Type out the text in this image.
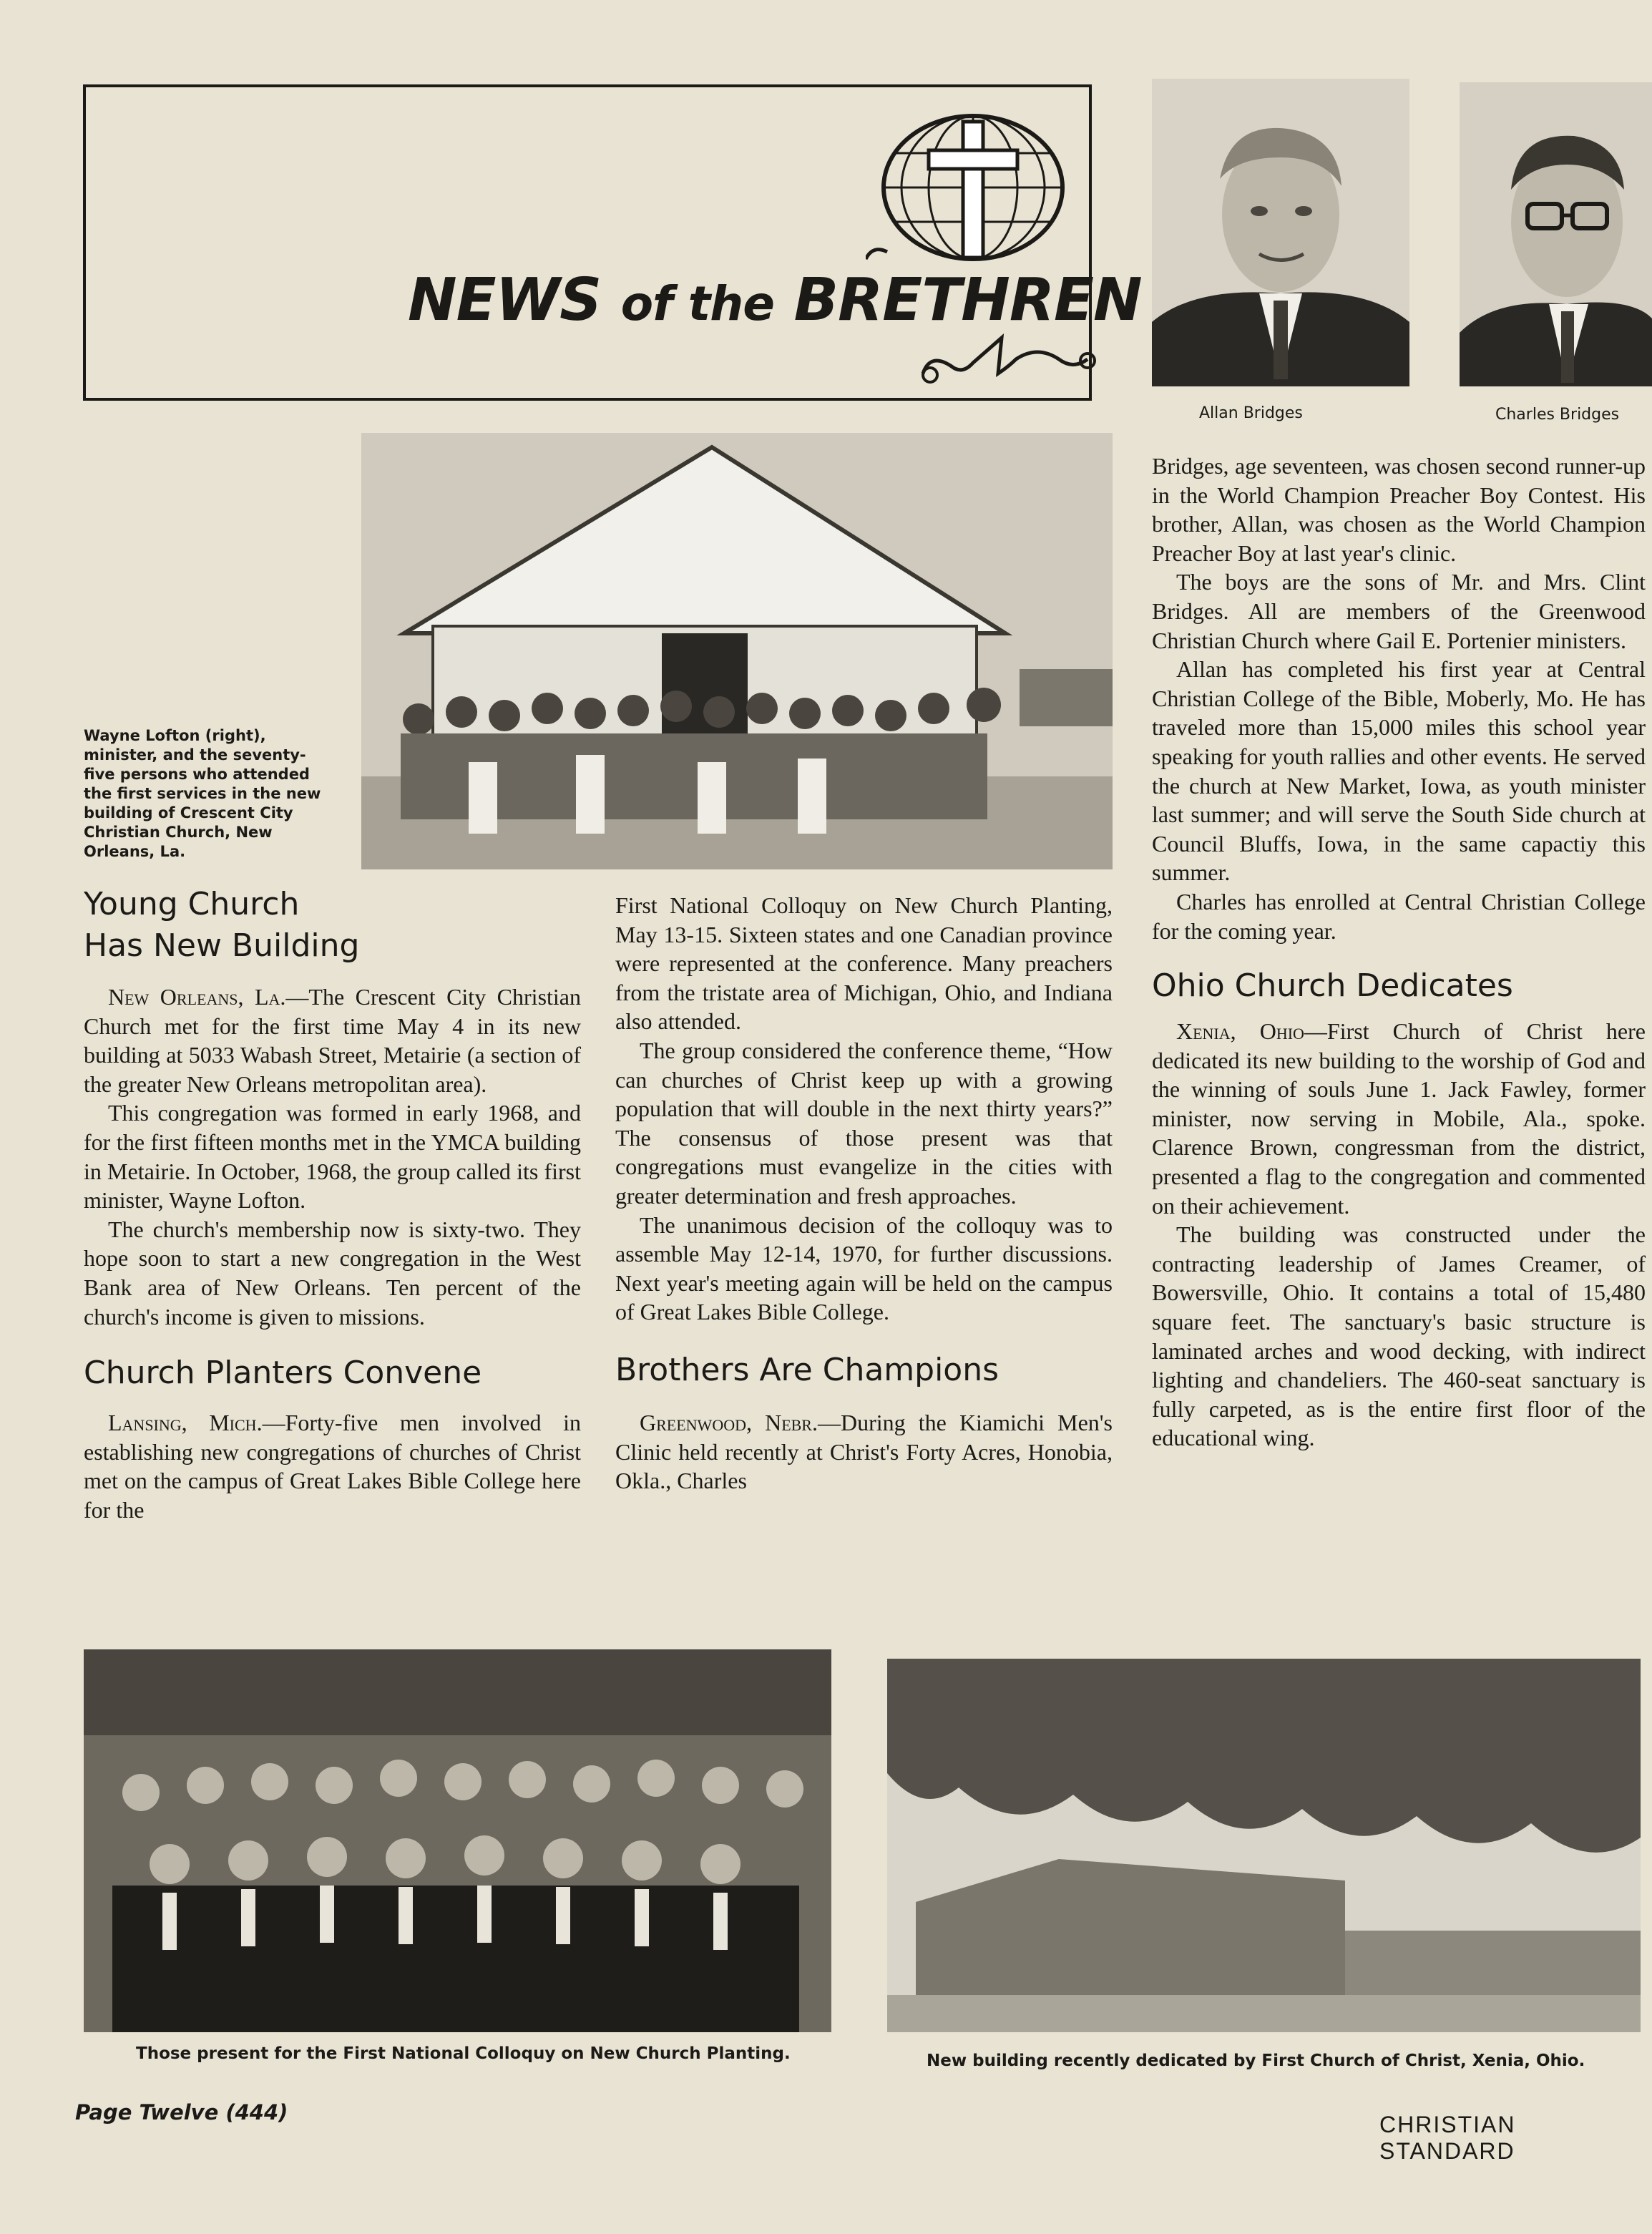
NEWS of the BRETHREN
Allan Bridges	Charles Bridges
Wayne Lofton (right), minister, and the seventy-five persons who attended the first services in the new building of Crescent City Christian Church, New Orleans, La.
Young Church
Has New Building

New Orleans, La.—The Crescent City Christian Church met for the first time May 4 in its new building at 5033 Wabash Street, Metairie (a section of the greater New Orleans metropolitan area).

This congregation was formed in early 1968, and for the first fifteen months met in the YMCA building in Metairie. In October, 1968, the group called its first minister, Wayne Lofton.

The church's membership now is sixty-two. They hope soon to start a new congregation in the West Bank area of New Orleans. Ten percent of the church's income is given to missions.

Church Planters Convene

Lansing, Mich.—Forty-five men involved in establishing new congregations of churches of Christ met on the campus of Great Lakes Bible College here for the

First National Colloquy on New Church Planting, May 13-15. Sixteen states and one Canadian province were represented at the conference. Many preachers from the tristate area of Michigan, Ohio, and Indiana also attended.

The group considered the conference theme, “How can churches of Christ keep up with a growing population that will double in the next thirty years?” The consensus of those present was that congregations must evangelize in the cities with greater determination and fresh approaches.

The unanimous decision of the colloquy was to assemble May 12-14, 1970, for further discussions. Next year's meeting again will be held on the campus of Great Lakes Bible College.

Brothers Are Champions

Greenwood, Nebr.—During the Kiamichi Men's Clinic held recently at Christ's Forty Acres, Honobia, Okla., Charles

Bridges, age seventeen, was chosen second runner-up in the World Champion Preacher Boy Contest. His brother, Allan, was chosen as the World Champion Preacher Boy at last year's clinic.

The boys are the sons of Mr. and Mrs. Clint Bridges. All are members of the Greenwood Christian Church where Gail E. Portenier ministers.

Allan has completed his first year at Central Christian College of the Bible, Moberly, Mo. He has traveled more than 15,000 miles this school year speaking for youth rallies and other events. He served the church at New Market, Iowa, as youth minister last summer; and will serve the South Side church at Council Bluffs, Iowa, in the same capactiy this summer.

Charles has enrolled at Central Christian College for the coming year.

Ohio Church Dedicates

Xenia, Ohio—First Church of Christ here dedicated its new building to the worship of God and the winning of souls June 1. Jack Fawley, former minister, now serving in Mobile, Ala., spoke. Clarence Brown, congressman from the district, presented a flag to the congregation and commented on their achievement.

The building was constructed under the contracting leadership of James Creamer, of Bowersville, Ohio. It contains a total of 15,480 square feet. The sanctuary's basic structure is laminated arches and wood decking, with indirect lighting and chandeliers. The 460-seat sanctuary is fully carpeted, as is the entire first floor of the educational wing.

Those present for the First National Colloquy on New Church Planting.	New building recently dedicated by First Church of Christ, Xenia, Ohio.
Page Twelve (444)	CHRISTIAN STANDARD
